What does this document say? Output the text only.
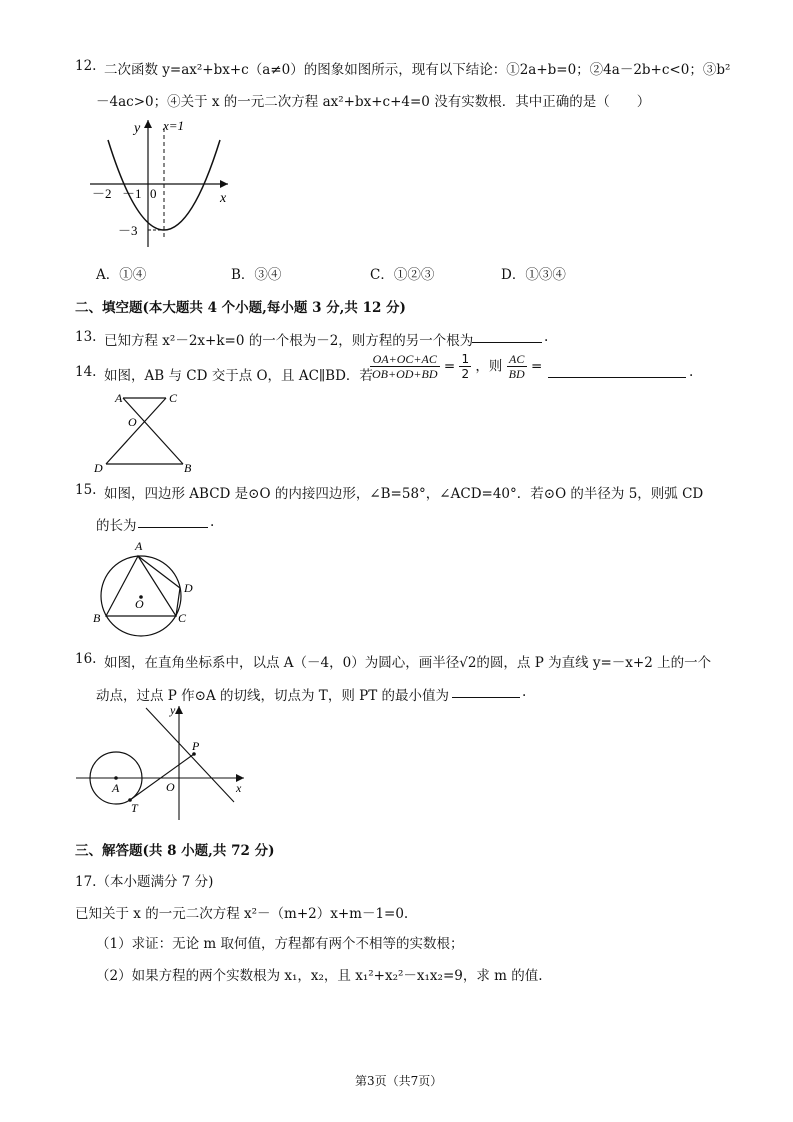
12. 二次函数 y=ax²+bx+c（a≠0）的图象如图所示，现有以下结论：①2a+b=0；②4a－2b+c<0；③b²
－4ac>0；④关于 x 的一元二次方程 ax²+bx+c+4=0 没有实数根．其中正确的是（　　）
y x=1
x
－2 －1 0
－3
A．①④	B．③④	C．①②③	D．①③④
二、填空题(本大题共 4 个小题,每小题 3 分,共 12 分)
13. 已知方程 x²－2x+k=0 的一个根为－2，则方程的另一个根为	.
14. 如图，AB 与 CD 交于点 O，且 AC∥BD．若
$\frac{OA+OC+AC}{OB+OD+BD} = \frac{1}{2}$ ，则 $\frac{AC}{BD}$ =	.
A	C
O
D	B
15. 如图，四边形 ABCD 是⊙O 的内接四边形，∠B=58°，∠ACD=40°．若⊙O 的半径为 5，则弧 CD
的长为	.
A
D
B	C
O
16. 如图，在直角坐标系中，以点 A（－4，0）为圆心，画半径√2的圆，点 P 为直线 y=－x+2 上的一个
动点，过点 P 作⊙A 的切线，切点为 T，则 PT 的最小值为	.
y
x
O
A
T
P
三、解答题(共 8 小题,共 72 分)
17.（本小题满分 7 分)
已知关于 x 的一元二次方程 x²－（m+2）x+m－1=0.
（1）求证：无论 m 取何值，方程都有两个不相等的实数根；
（2）如果方程的两个实数根为 x₁，x₂，且 x₁²+x₂²－x₁x₂=9，求 m 的值.
第3页（共7页）
